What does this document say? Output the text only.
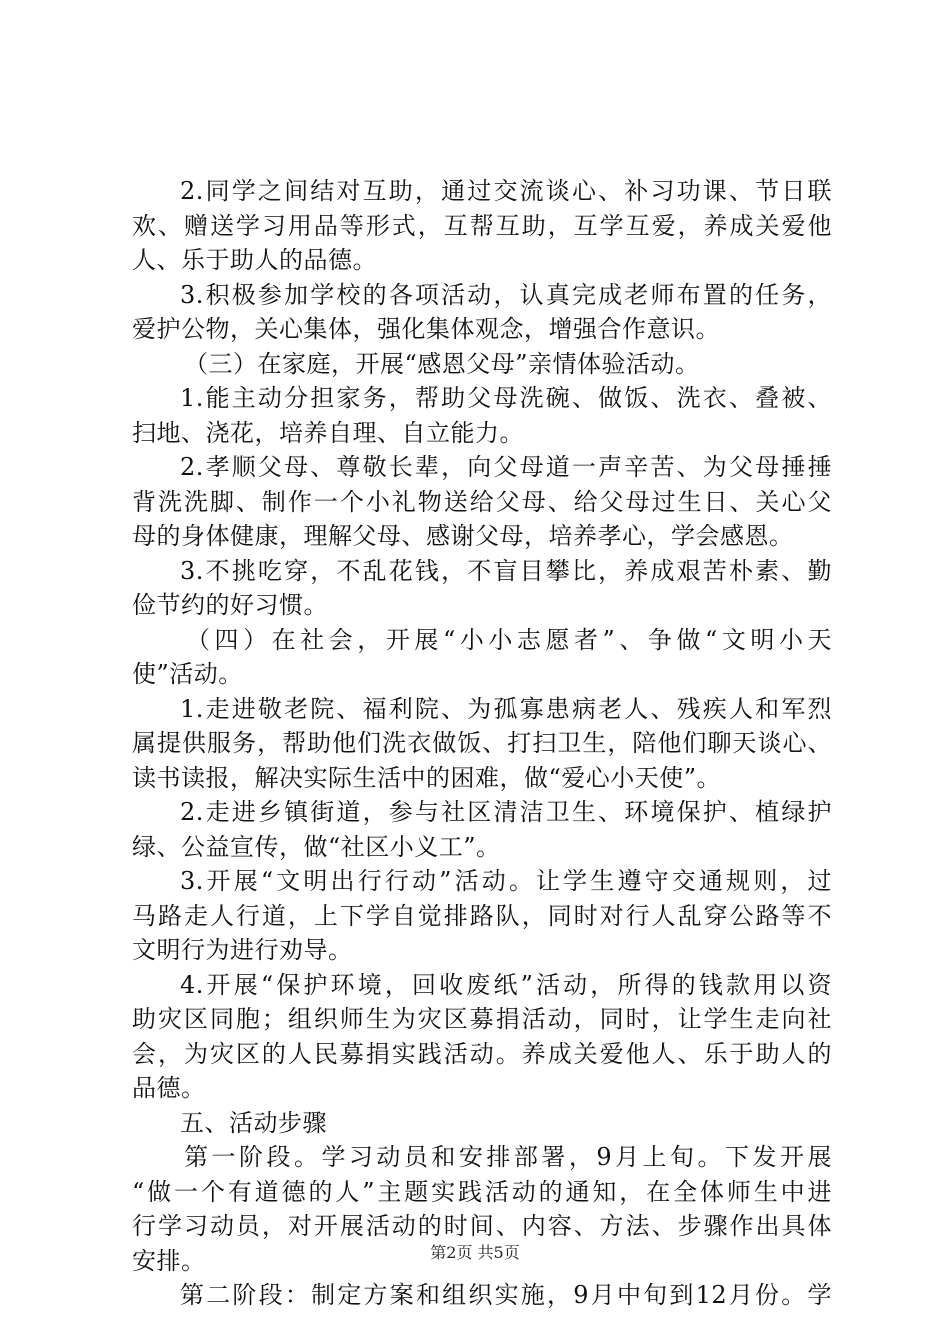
2.同学之间结对互助，通过交流谈心、补习功课、节日联
欢、赠送学习用品等形式，互帮互助，互学互爱，养成关爱他
人、乐于助人的品德。
3.积极参加学校的各项活动，认真完成老师布置的任务，
爱护公物，关心集体，强化集体观念，增强合作意识。
（三）在家庭，开展“感恩父母”亲情体验活动。
1.能主动分担家务，帮助父母洗碗、做饭、洗衣、叠被、
扫地、浇花，培养自理、自立能力。
2.孝顺父母、尊敬长辈，向父母道一声辛苦、为父母捶捶
背洗洗脚、制作一个小礼物送给父母、给父母过生日、关心父
母的身体健康，理解父母、感谢父母，培养孝心，学会感恩。
3.不挑吃穿，不乱花钱，不盲目攀比，养成艰苦朴素、勤
俭节约的好习惯。
（四）在社会，开展“小小志愿者”、争做“文明小天
使”活动。
1.走进敬老院、福利院、为孤寡患病老人、残疾人和军烈
属提供服务，帮助他们洗衣做饭、打扫卫生，陪他们聊天谈心、
读书读报，解决实际生活中的困难，做“爱心小天使”。
2.走进乡镇街道，参与社区清洁卫生、环境保护、植绿护
绿、公益宣传，做“社区小义工”。
3.开展“文明出行行动”活动。让学生遵守交通规则，过
马路走人行道，上下学自觉排路队，同时对行人乱穿公路等不
文明行为进行劝导。
4.开展“保护环境，回收废纸”活动，所得的钱款用以资
助灾区同胞；组织师生为灾区募捐活动，同时，让学生走向社
会，为灾区的人民募捐实践活动。养成关爱他人、乐于助人的
品德。
五、活动步骤
第一阶段。学习动员和安排部署，9月上旬。下发开展
“做一个有道德的人”主题实践活动的通知，在全体师生中进
行学习动员，对开展活动的时间、内容、方法、步骤作出具体
安排。
第二阶段：制定方案和组织实施，9月中旬到12月份。学
第2页 共5页
